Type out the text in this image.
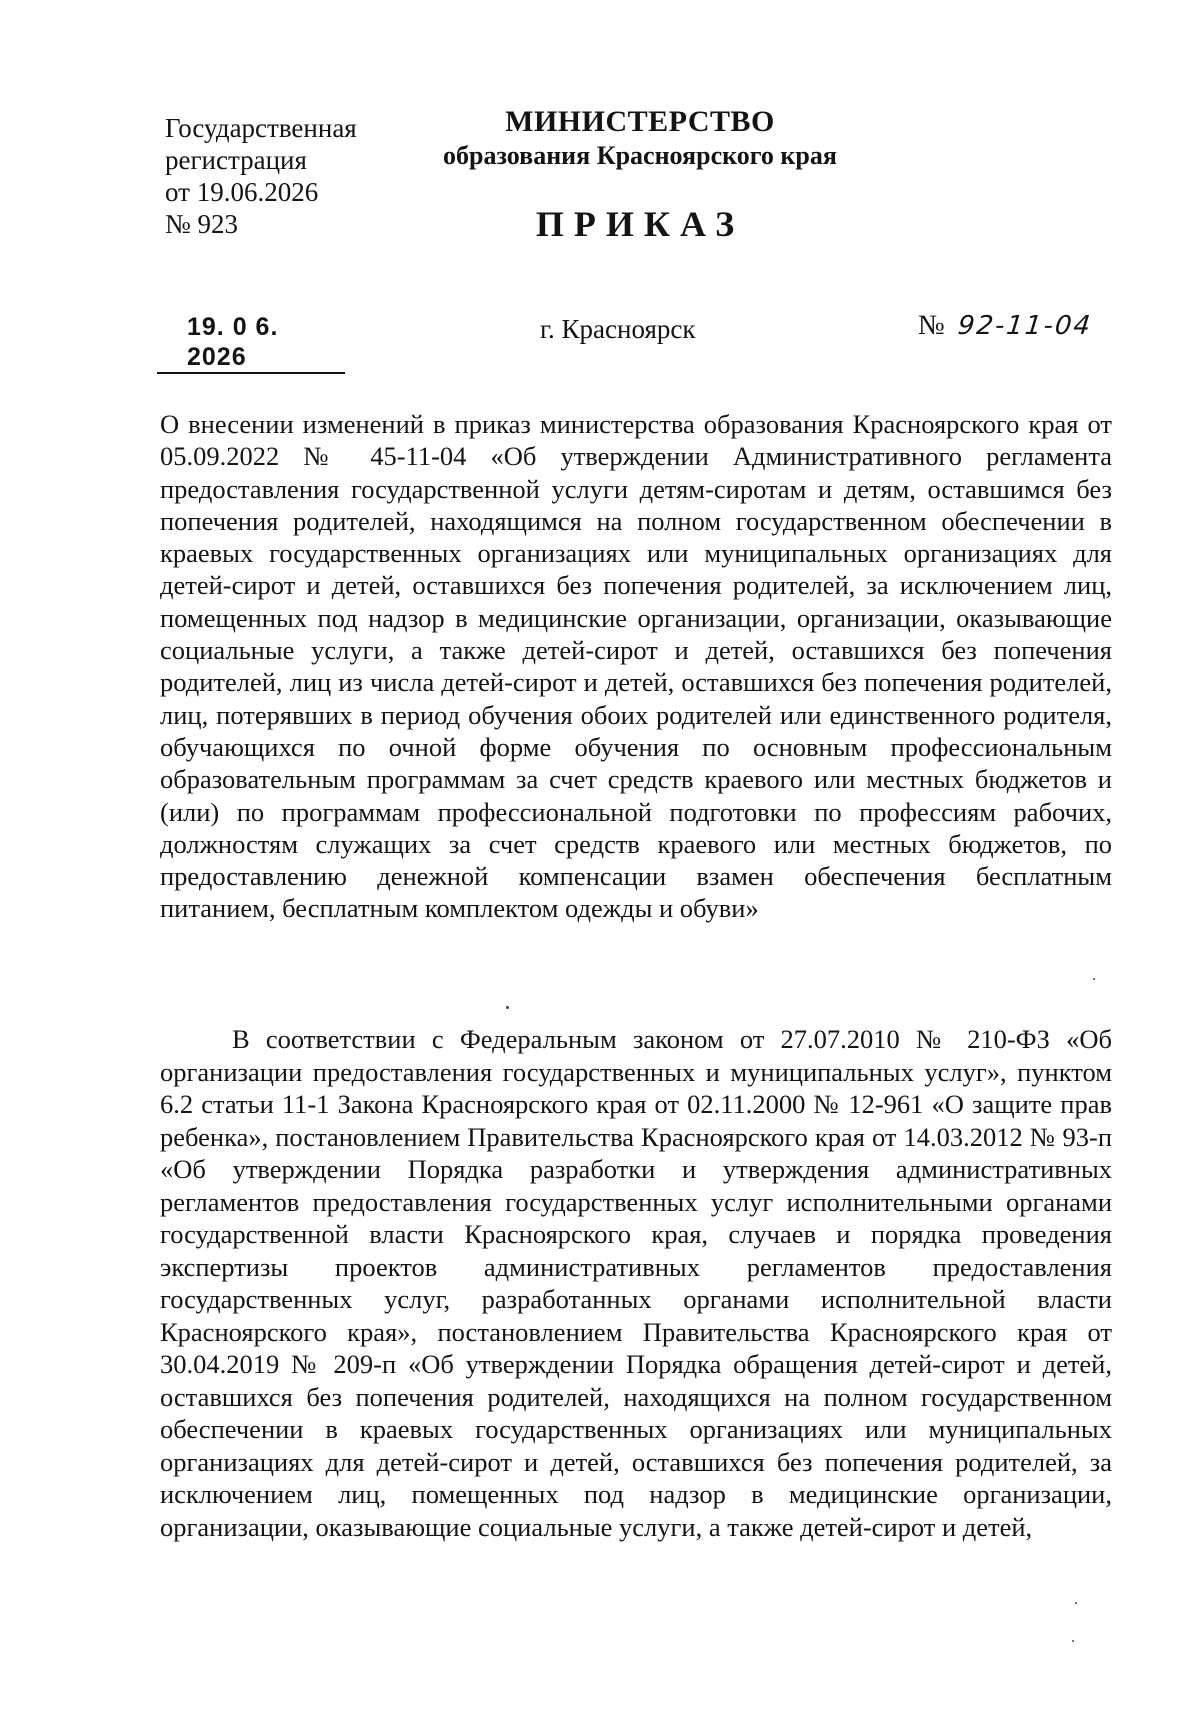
Государственная
регистрация
от 19.06.2026
№ 923
МИНИСТЕРСТВО
образования Красноярского края
ПРИКАЗ
19. 0 6. 2026
г. Красноярск	№ 92-11-04
О внесении изменений в приказ министерства образования Красноярского края от 05.09.2022 № 45-11-04 «Об утверждении Административного регламента предоставления государственной услуги детям-сиротам и детям, оставшимся без попечения родителей, находящимся на полном государственном обеспечении в краевых государственных организациях или муниципальных организациях для детей-сирот и детей, оставшихся без попечения родителей, за исключением лиц, помещенных под надзор в медицинские организации, организации, оказывающие социальные услуги, а также детей-сирот и детей, оставшихся без попечения родителей, лиц из числа детей-сирот и детей, оставшихся без попечения родителей, лиц, потерявших в период обучения обоих родителей или единственного родителя, обучающихся по очной форме обучения по основным профессиональным образовательным программам за счет средств краевого или местных бюджетов и (или) по программам профессиональной подготовки по профессиям рабочих, должностям служащих за счет средств краевого или местных бюджетов, по предоставлению денежной компенсации взамен обеспечения бесплатным питанием, бесплатным комплектом одежды и обуви»
В соответствии с Федеральным законом от 27.07.2010 № 210-ФЗ «Об организации предоставления государственных и муниципальных услуг», пунктом 6.2 статьи 11-1 Закона Красноярского края от 02.11.2000 № 12-961 «О защите прав ребенка», постановлением Правительства Красноярского края от 14.03.2012 № 93-п «Об утверждении Порядка разработки и утверждения административных регламентов предоставления государственных услуг исполнительными органами государственной власти Красноярского края, случаев и порядка проведения экспертизы проектов административных регламентов предоставления государственных услуг, разработанных органами исполнительной власти Красноярского края», постановлением Правительства Красноярского края от 30.04.2019 № 209-п «Об утверждении Порядка обращения детей-сирот и детей, оставшихся без попечения родителей, находящихся на полном государственном обеспечении в краевых государственных организациях или муниципальных организациях для детей-сирот и детей, оставшихся без попечения родителей, за исключением лиц, помещенных под надзор в медицинские организации, организации, оказывающие социальные услуги, а также детей-сирот и детей,
